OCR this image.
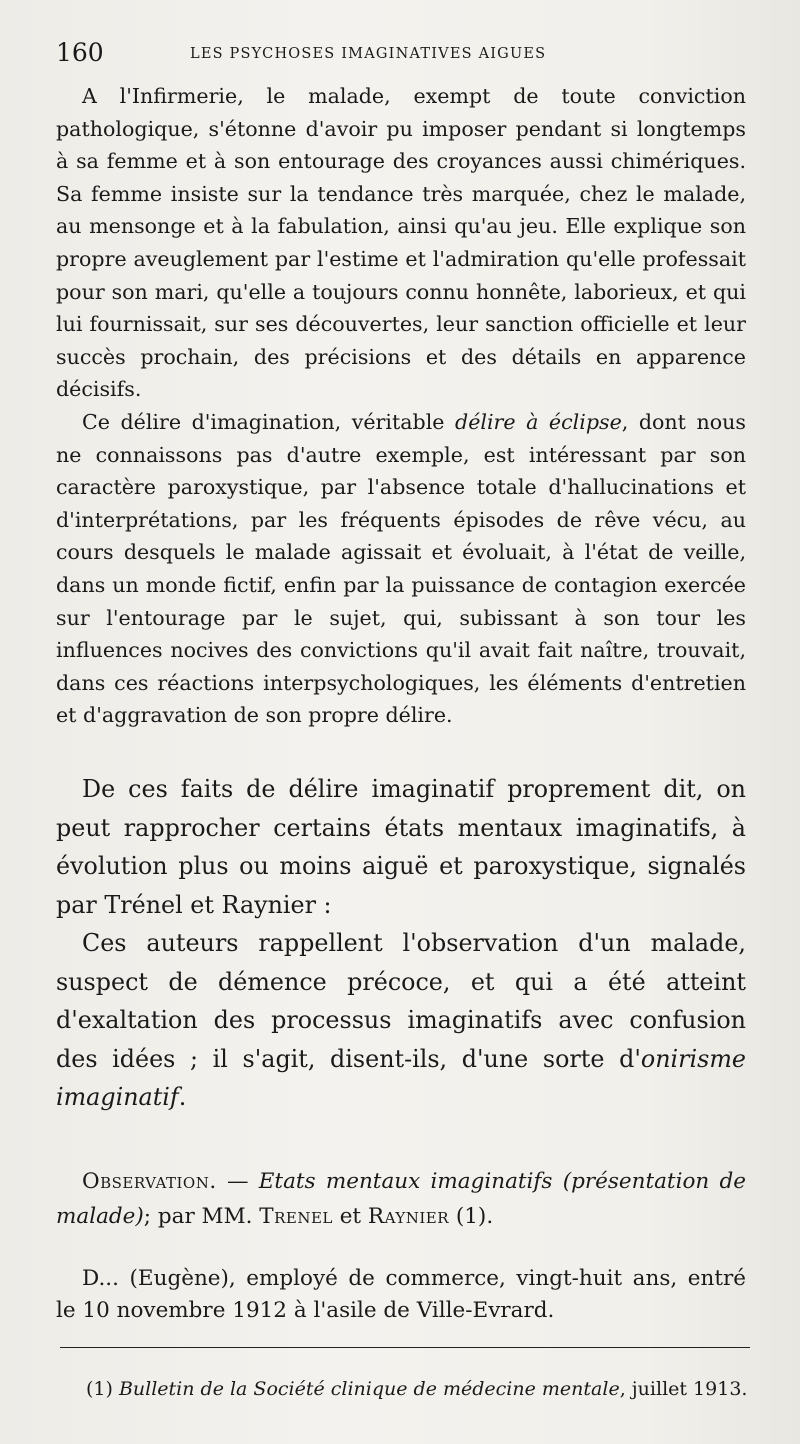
160	LES PSYCHOSES IMAGINATIVES AIGUES

A l'Infirmerie, le malade, exempt de toute conviction pathologique, s'étonne d'avoir pu imposer pendant si longtemps à sa femme et à son entourage des croyances aussi chimériques. Sa femme insiste sur la tendance très marquée, chez le malade, au mensonge et à la fabulation, ainsi qu'au jeu. Elle explique son propre aveuglement par l'estime et l'admiration qu'elle professait pour son mari, qu'elle a toujours connu honnête, laborieux, et qui lui fournissait, sur ses découvertes, leur sanction officielle et leur succès prochain, des précisions et des détails en apparence décisifs.

Ce délire d'imagination, véritable délire à éclipse, dont nous ne connaissons pas d'autre exemple, est intéressant par son caractère paroxystique, par l'absence totale d'hallucinations et d'interprétations, par les fréquents épisodes de rêve vécu, au cours desquels le malade agissait et évoluait, à l'état de veille, dans un monde fictif, enfin par la puissance de contagion exercée sur l'entourage par le sujet, qui, subissant à son tour les influences nocives des convictions qu'il avait fait naître, trouvait, dans ces réactions interpsychologiques, les éléments d'entretien et d'aggravation de son propre délire.

De ces faits de délire imaginatif proprement dit, on peut rapprocher certains états mentaux imaginatifs, à évolution plus ou moins aiguë et paroxystique, signalés par Trénel et Raynier :

Ces auteurs rappellent l'observation d'un malade, suspect de démence précoce, et qui a été atteint d'exaltation des processus imaginatifs avec confusion des idées ; il s'agit, disent-ils, d'une sorte d'onirisme imaginatif.

Observation. — Etats mentaux imaginatifs (présentation de malade); par MM. Trenel et Raynier (1).

D... (Eugène), employé de commerce, vingt-huit ans, entré le 10 novembre 1912 à l'asile de Ville-Evrard.

(1) Bulletin de la Société clinique de médecine mentale, juillet 1913.
